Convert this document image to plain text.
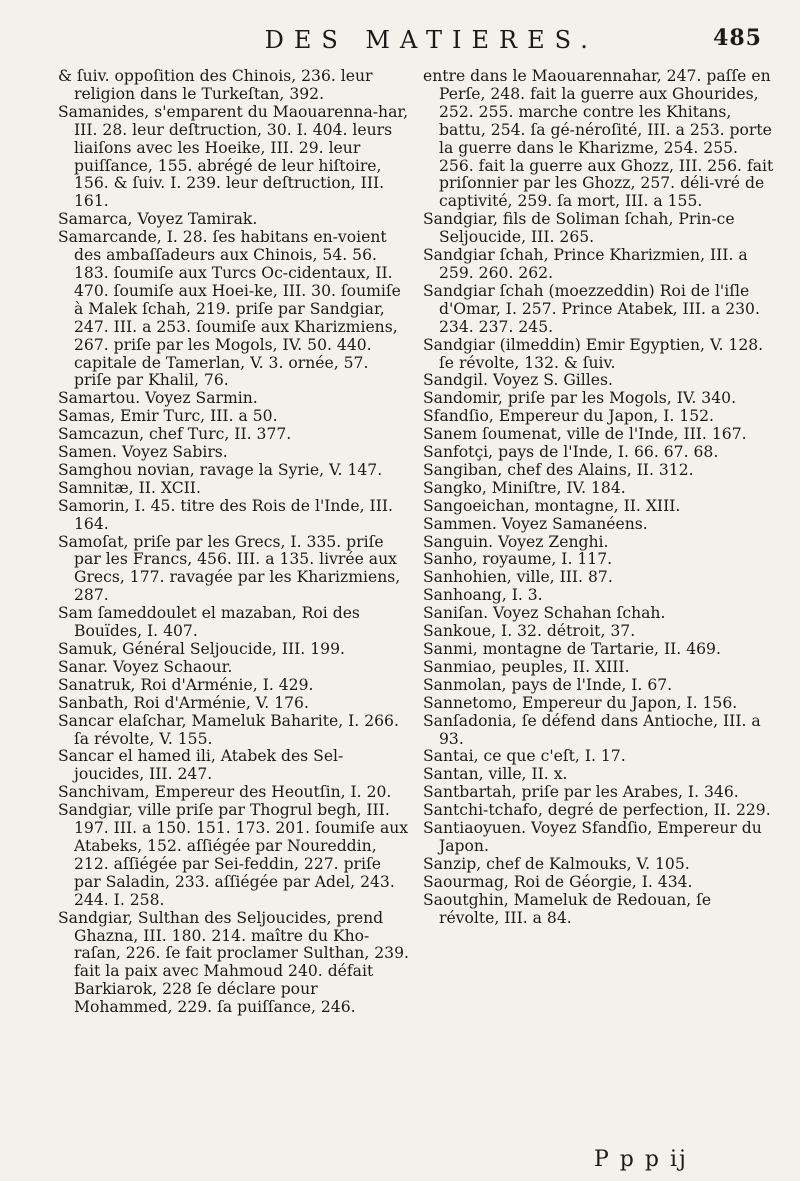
DES M ATIERES.	485
& ſuiv. oppoſition des Chinois, 236. leur religion dans le Turkeſtan, 392.
Samanides, s'emparent du Maouarenna-har, III. 28. leur deſtruction, 30. I. 404. leurs liaiſons avec les Hoeike, III. 29. leur puiſſance, 155. abrégé de leur hiſtoire, 156. & ſuiv. I. 239. leur deſtruction, III. 161.
Samarca, Voyez Tamirak.
Samarcande, I. 28. ſes habitans en-voient des ambaſſadeurs aux Chinois, 54. 56. 183. ſoumiſe aux Turcs Oc-cidentaux, II. 470. ſoumiſe aux Hoei-ke, III. 30. ſoumiſe à Malek ſchah, 219. priſe par Sandgiar, 247. III. a 253. ſoumiſe aux Kharizmiens, 267. priſe par les Mogols, IV. 50. 440. capitale de Tamerlan, V. 3. ornée, 57. priſe par Khalil, 76.
Samartou. Voyez Sarmin.
Samas, Emir Turc, III. a 50.
Samcazun, chef Turc, II. 377.
Samen. Voyez Sabirs.
Samghou novian, ravage la Syrie, V. 147.
Samnitæ, II. XCII.
Samorin, I. 45. titre des Rois de l'Inde, III. 164.
Samoſat, priſe par les Grecs, I. 335. priſe par les Francs, 456. III. a 135. livrée aux Grecs, 177. ravagée par les Kharizmiens, 287.
Sam ſameddoulet el mazaban, Roi des Bouïdes, I. 407.
Samuk, Général Seljoucide, III. 199.
Sanar. Voyez Schaour.
Sanatruk, Roi d'Arménie, I. 429.
Sanbath, Roi d'Arménie, V. 176.
Sancar elaſchar, Mameluk Baharite, I. 266. ſa révolte, V. 155.
Sancar el hamed ili, Atabek des Sel-joucides, III. 247.
Sanchivam, Empereur des Heoutſin, I. 20.
Sandgiar, ville priſe par Thogrul begh, III. 197. III. a 150. 151. 173. 201. ſoumiſe aux Atabeks, 152. aſſiégée par Noureddin, 212. aſſiégée par Sei-feddin, 227. priſe par Saladin, 233. aſſiégée par Adel, 243. 244. I. 258.
Sandgiar, Sulthan des Seljoucides, prend Ghazna, III. 180. 214. maître du Kho-raſan, 226. ſe fait proclamer Sulthan, 239. fait la paix avec Mahmoud 240. défait Barkiarok, 228 ſe déclare pour Mohammed, 229. ſa puiſſance, 246.
entre dans le Maouarennahar, 247. paſſe en Perſe, 248. fait la guerre aux Ghourides, 252. 255. marche contre les Khitans, battu, 254. ſa gé-néroſité, III. a 253. porte la guerre dans le Kharizme, 254. 255. 256. fait la guerre aux Ghozz, III. 256. fait priſonnier par les Ghozz, 257. déli-vré de captivité, 259. ſa mort, III. a 155.
Sandgiar, fils de Soliman ſchah, Prin-ce Seljoucide, III. 265.
Sandgiar ſchah, Prince Kharizmien, III. a 259. 260. 262.
Sandgiar ſchah (moezzeddin) Roi de l'iſle d'Omar, I. 257. Prince Atabek, III. a 230. 234. 237. 245.
Sandgiar (ilmeddin) Emir Egyptien, V. 128. ſe révolte, 132. & ſuiv.
Sandgil. Voyez S. Gilles.
Sandomir, priſe par les Mogols, IV. 340.
Sfandſio, Empereur du Japon, I. 152.
Sanem ſoumenat, ville de l'Inde, III. 167.
Sanfotçi, pays de l'Inde, I. 66. 67. 68.
Sangiban, chef des Alains, II. 312.
Sangko, Miniſtre, IV. 184.
Sangoeichan, montagne, II. XIII.
Sammen. Voyez Samanéens.
Sanguin. Voyez Zenghi.
Sanho, royaume, I. 117.
Sanhohien, ville, III. 87.
Sanhoang, I. 3.
Saniſan. Voyez Schahan ſchah.
Sankoue, I. 32. détroit, 37.
Sanmi, montagne de Tartarie, II. 469.
Sanmiao, peuples, II. XIII.
Sanmolan, pays de l'Inde, I. 67.
Sannetomo, Empereur du Japon, I. 156.
Sanſadonia, ſe défend dans Antioche, III. a 93.
Santai, ce que c'eſt, I. 17.
Santan, ville, II. x.
Santbartah, priſe par les Arabes, I. 346.
Santchi-tchafo, degré de perfection, II. 229.
Santiaoyuen. Voyez Sfandſio, Empereur du Japon.
Sanzip, chef de Kalmouks, V. 105.
Saourmag, Roi de Géorgie, I. 434.
Saoutghin, Mameluk de Redouan, ſe révolte, III. a 84.
P p p ij
